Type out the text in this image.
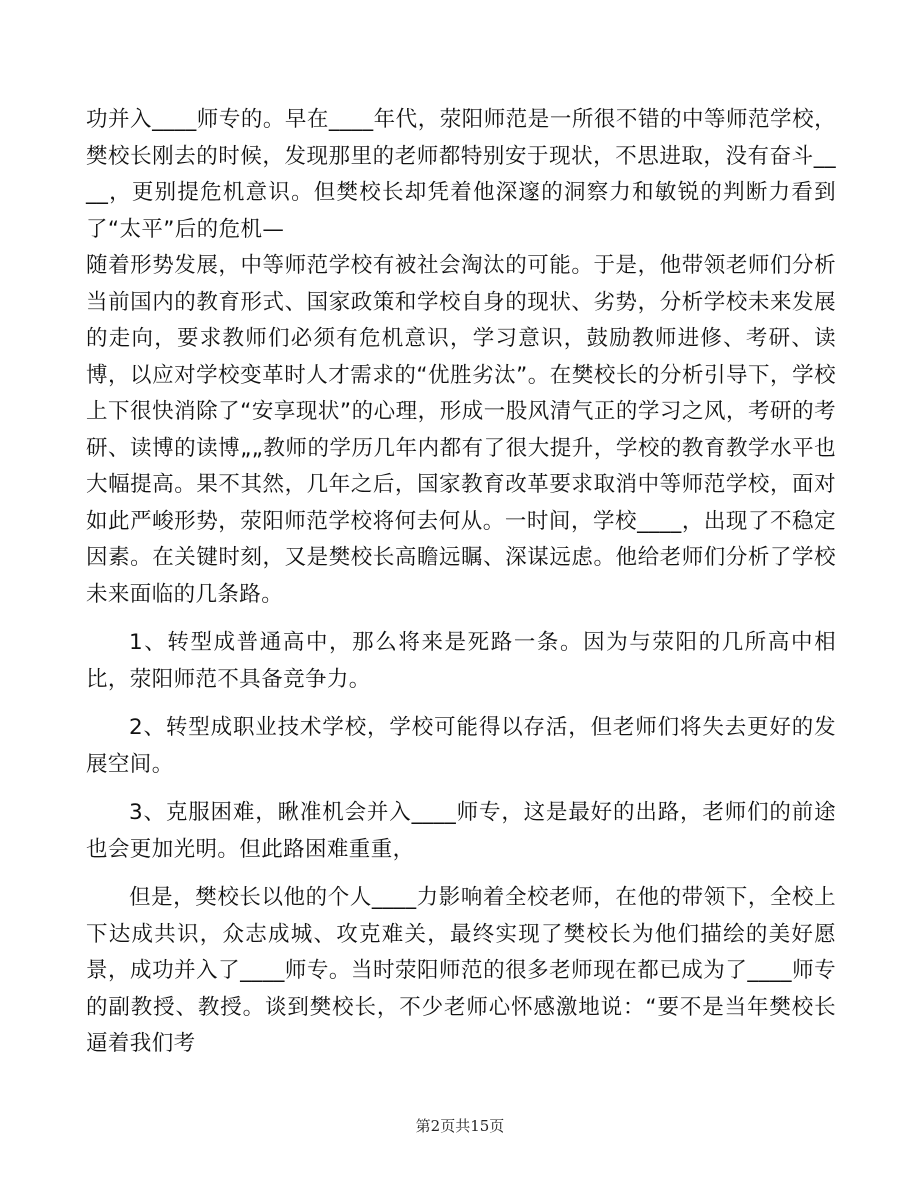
功并入____师专的。早在____年代，荥阳师范是一所很不错的中等师范学校，樊校长刚去的时候，发现那里的老师都特别安于现状，不思进取，没有奋斗____，更别提危机意识。但樊校长却凭着他深邃的洞察力和敏锐的判断力看到了“太平”后的危机—

随着形势发展，中等师范学校有被社会淘汰的可能。于是，他带领老师们分析当前国内的教育形式、国家政策和学校自身的现状、劣势，分析学校未来发展的走向，要求教师们必须有危机意识，学习意识，鼓励教师进修、考研、读博，以应对学校变革时人才需求的“优胜劣汰”。在樊校长的分析引导下，学校上下很快消除了“安享现状”的心理，形成一股风清气正的学习之风，考研的考研、读博的读博„„教师的学历几年内都有了很大提升，学校的教育教学水平也大幅提高。果不其然，几年之后，国家教育改革要求取消中等师范学校，面对如此严峻形势，荥阳师范学校将何去何从。一时间，学校____，出现了不稳定因素。在关键时刻，又是樊校长高瞻远瞩、深谋远虑。他给老师们分析了学校未来面临的几条路。

1、转型成普通高中，那么将来是死路一条。因为与荥阳的几所高中相比，荥阳师范不具备竞争力。

2、转型成职业技术学校，学校可能得以存活，但老师们将失去更好的发展空间。

3、克服困难，瞅准机会并入____师专，这是最好的出路，老师们的前途也会更加光明。但此路困难重重，

但是，樊校长以他的个人____力影响着全校老师，在他的带领下，全校上下达成共识，众志成城、攻克难关，最终实现了樊校长为他们描绘的美好愿景，成功并入了____师专。当时荥阳师范的很多老师现在都已成为了____师专的副教授、教授。谈到樊校长，不少老师心怀感激地说：“要不是当年樊校长逼着我们考

第2页共15页
